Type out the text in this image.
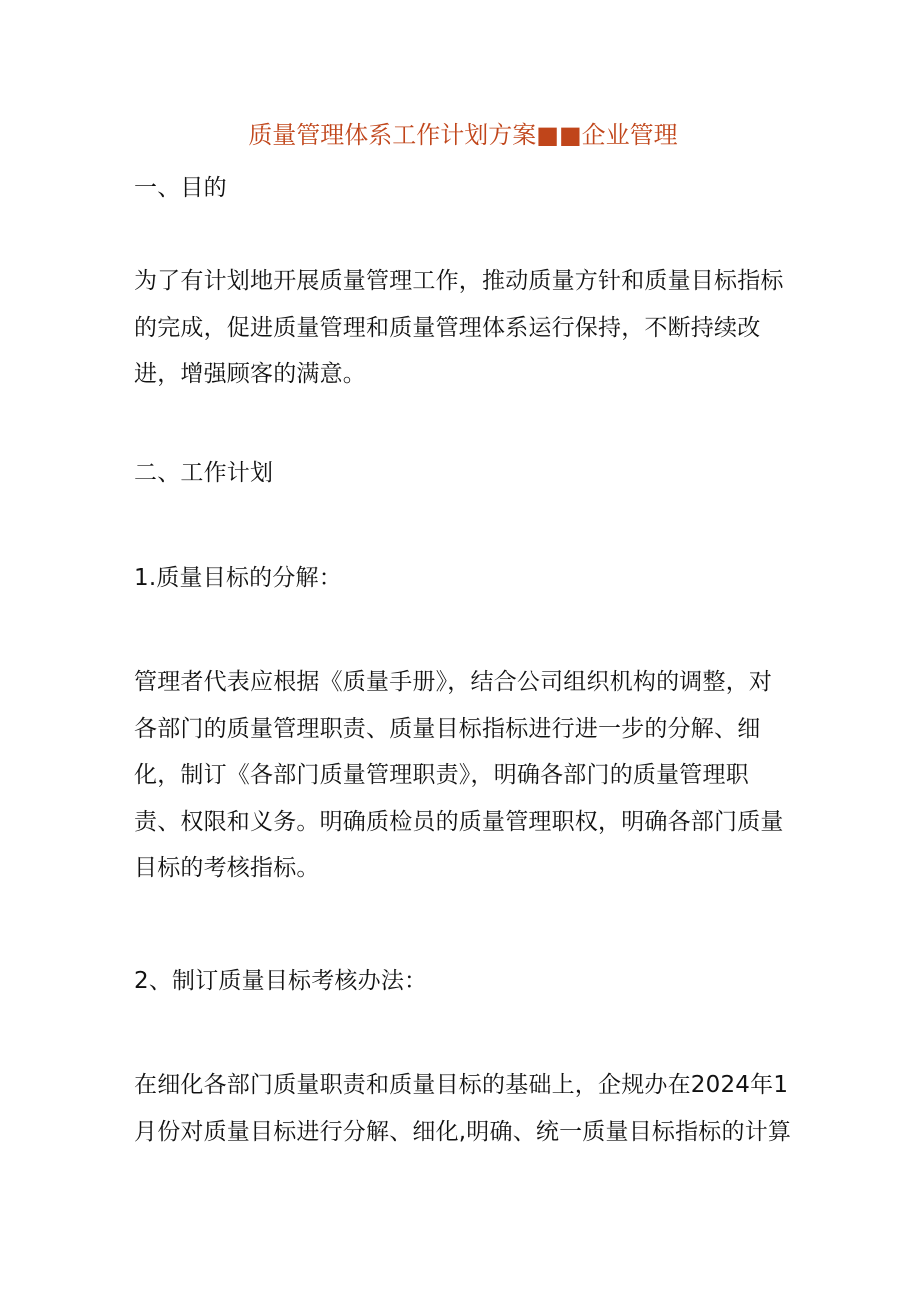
质量管理体系工作计划方案■■企业管理
一、目的
为了有计划地开展质量管理工作，推动质量方针和质量目标指标
的完成，促进质量管理和质量管理体系运行保持，不断持续改
进，增强顾客的满意。
二、工作计划
1.质量目标的分解：
管理者代表应根据《质量手册》，结合公司组织机构的调整，对
各部门的质量管理职责、质量目标指标进行进一步的分解、细
化，制订《各部门质量管理职责》，明确各部门的质量管理职
责、权限和义务。明确质检员的质量管理职权，明确各部门质量
目标的考核指标。
2、制订质量目标考核办法：
在细化各部门质量职责和质量目标的基础上，企规办在2024年1
月份对质量目标进行分解、细化,明确、统一质量目标指标的计算
